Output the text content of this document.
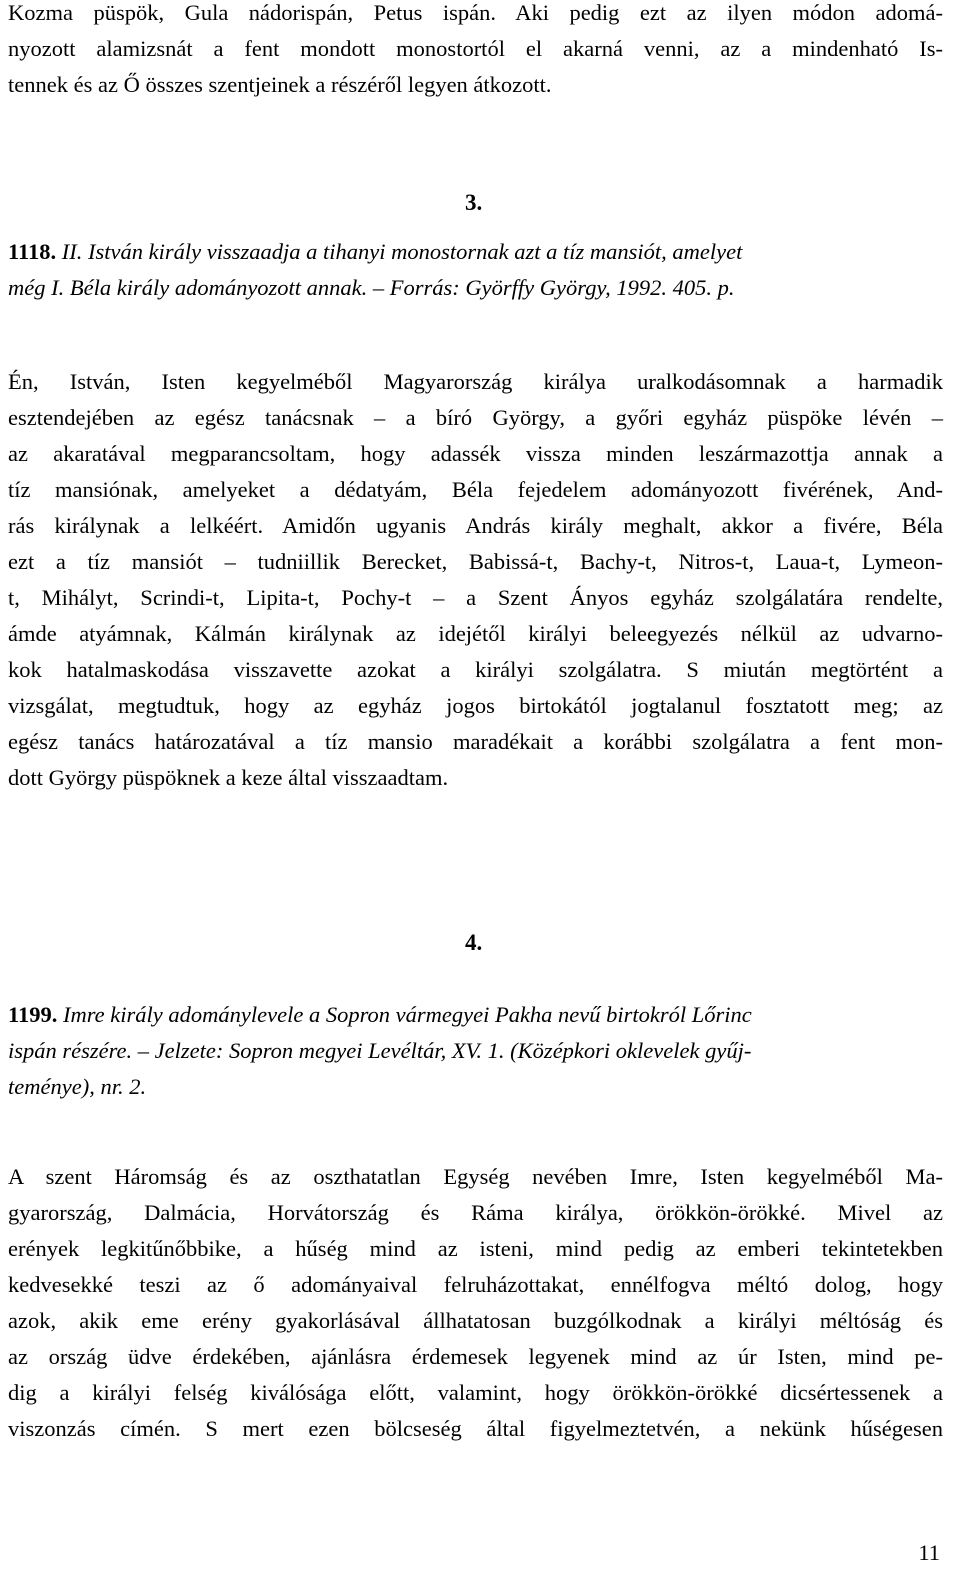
Kozma püspök, Gula nádorispán, Petus ispán. Aki pedig ezt az ilyen módon adomá-
nyozott alamizsnát a fent mondott monostortól el akarná venni, az a mindenható Is-
tennek és az Ő összes szentjeinek a részéről legyen átkozott.
3.
1118. II. István király visszaadja a tihanyi monostornak azt a tíz mansiót, amelyet
még I. Béla király adományozott annak. – Forrás: Györffy György, 1992. 405. p.
Én, István, Isten kegyelméből Magyarország királya uralkodásomnak a harmadik
esztendejében az egész tanácsnak – a bíró György, a győri egyház püspöke lévén –
az akaratával megparancsoltam, hogy adassék vissza minden leszármazottja annak a
tíz mansiónak, amelyeket a dédatyám, Béla fejedelem adományozott fivérének, And-
rás királynak a lelkéért. Amidőn ugyanis András király meghalt, akkor a fivére, Béla
ezt a tíz mansiót – tudniillik Berecket, Babissá-t, Bachy-t, Nitros-t, Laua-t, Lymeon-
t, Mihályt, Scrindi-t, Lipita-t, Pochy-t – a Szent Ányos egyház szolgálatára rendelte,
ámde atyámnak, Kálmán királynak az idejétől királyi beleegyezés nélkül az udvarno-
kok hatalmaskodása visszavette azokat a királyi szolgálatra. S miután megtörtént a
vizsgálat, megtudtuk, hogy az egyház jogos birtokától jogtalanul fosztatott meg; az
egész tanács határozatával a tíz mansio maradékait a korábbi szolgálatra a fent mon-
dott György püspöknek a keze által visszaadtam.
4.
1199. Imre király adománylevele a Sopron vármegyei Pakha nevű birtokról Lőrinc
ispán részére. – Jelzete: Sopron megyei Levéltár, XV. 1. (Középkori oklevelek gyűj-
teménye), nr. 2.
A szent Háromság és az oszthatatlan Egység nevében Imre, Isten kegyelméből Ma-
gyarország, Dalmácia, Horvátország és Ráma királya, örökkön-örökké. Mivel az
erények legkitűnőbbike, a hűség mind az isteni, mind pedig az emberi tekintetekben
kedvesekké teszi az ő adományaival felruházottakat, ennélfogva méltó dolog, hogy
azok, akik eme erény gyakorlásával állhatatosan buzgólkodnak a királyi méltóság és
az ország üdve érdekében, ajánlásra érdemesek legyenek mind az úr Isten, mind pe-
dig a királyi felség kiválósága előtt, valamint, hogy örökkön-örökké dicsértessenek a
viszonzás címén. S mert ezen bölcseség által figyelmeztetvén, a nekünk hűségesen
11
